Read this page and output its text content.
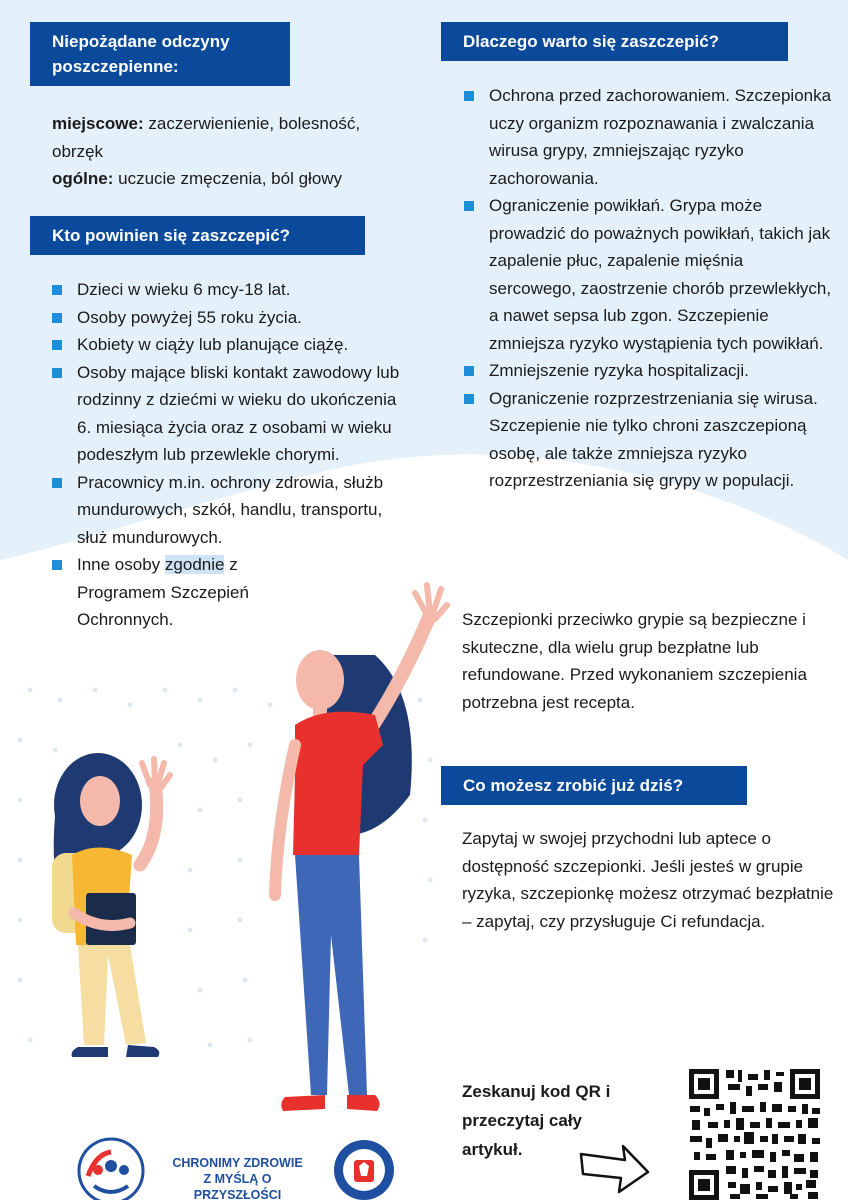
Niepożądane odczyny poszczepienne:
miejscowe: zaczerwienienie, bolesność, obrzęk
ogólne: uczucie zmęczenia, ból głowy
Kto powinien się zaszczepić?
Dzieci w wieku 6 mcy-18 lat.
Osoby powyżej 55 roku życia.
Kobiety w ciąży lub planujące ciążę.
Osoby mające bliski kontakt zawodowy lub rodzinny z dziećmi w wieku do ukończenia 6. miesiąca życia oraz z osobami w wieku podeszłym lub przewlekle chorymi.
Pracownicy m.in. ochrony zdrowia, służb mundurowych, szkół, handlu, transportu, służ mundurowych.
Inne osoby zgodnie z Programem Szczepień Ochronnych.
Dlaczego warto się zaszczepić?
Ochrona przed zachorowaniem. Szczepionka uczy organizm rozpoznawania i zwalczania wirusa grypy, zmniejszając ryzyko zachorowania.
Ograniczenie powikłań. Grypa może prowadzić do poważnych powikłań, takich jak zapalenie płuc, zapalenie mięśnia sercowego, zaostrzenie chorób przewlekłych, a nawet sepsa lub zgon. Szczepienie zmniejsza ryzyko wystąpienia tych powikłań.
Zmniejszenie ryzyka hospitalizacji.
Ograniczenie rozprzestrzeniania się wirusa. Szczepienie nie tylko chroni zaszczepioną osobę, ale także zmniejsza ryzyko rozprzestrzeniania się grypy w populacji.
Szczepionki przeciwko grypie są bezpieczne i skuteczne, dla wielu grup bezpłatne lub refundowane. Przed wykonaniem szczepienia potrzebna jest recepta.
Co możesz zrobić już dziś?
Zapytaj w swojej przychodni lub aptece o dostępność szczepionki. Jeśli jesteś w grupie ryzyka, szczepionkę możesz otrzymać bezpłatnie – zapytaj, czy przysługuje Ci refundacja.
Zeskanuj kod QR i przeczytaj cały artykuł.
CHRONIMY ZDROWIE
Z MYŚLĄ O PRZYSZŁOŚCI
